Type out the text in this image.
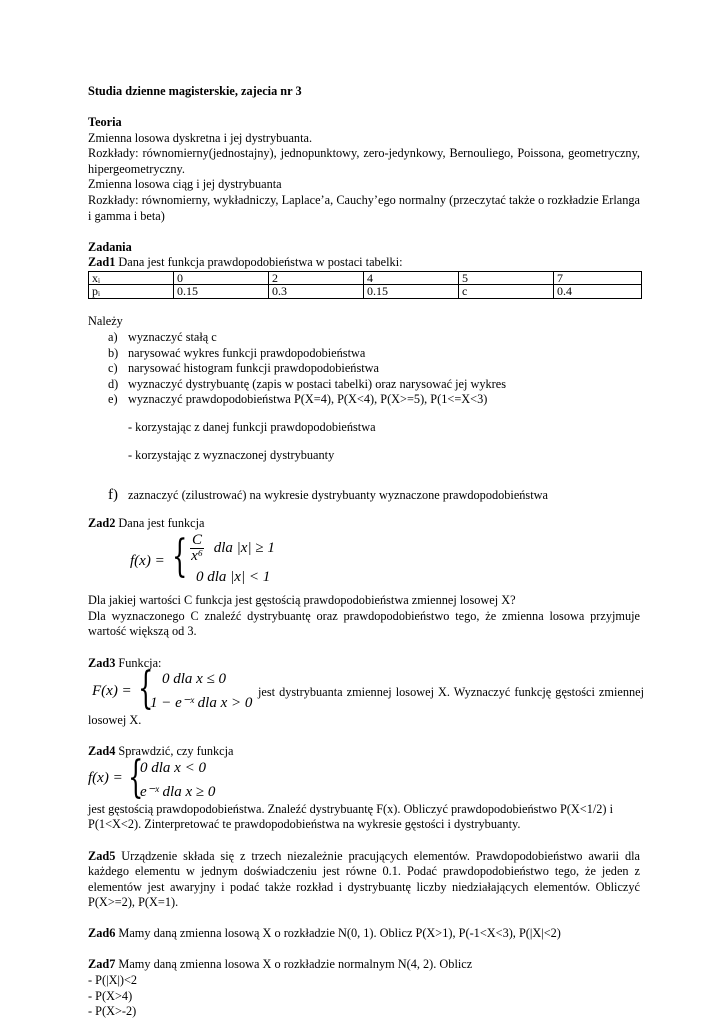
Studia dzienne magisterskie, zajecia nr 3

Teoria

Zmienna losowa dyskretna i jej dystrybuanta.

Rozkłady: równomierny(jednostajny), jednopunktowy, zero-jedynkowy, Bernouliego, Poissona, geometryczny,

hipergeometryczny.

Zmienna losowa ciąg i jej dystrybuanta

Rozkłady: równomierny, wykładniczy, Laplace’a, Cauchy’ego normalny (przeczytać także o rozkładzie Erlanga

i gamma i beta)

Zadania

Zad1 Dana jest funkcja prawdopodobieństwa w postaci tabelki:

xᵢ	0	2	4	5	7
pᵢ	0.15	0.3	0.15	c	0.4

Należy

a) wyznaczyć stałą c
b) narysować wykres funkcji prawdopodobieństwa
c) narysować histogram funkcji prawdopodobieństwa
d) wyznaczyć dystrybuantę (zapis w postaci tabelki) oraz narysować jej wykres
e) wyznaczyć prawdopodobieństwa P(X=4), P(X<4), P(X>=5), P(1<=X<3)

- korzystając z danej funkcji prawdopodobieństwa

- korzystając z wyznaczonej dystrybuanty

f) zaznaczyć (zilustrować) na wykresie dystrybuanty wyznaczone prawdopodobieństwa

Zad2 Dana jest funkcja

f(x) = { $\frac{C}{\text{x⁶}}$ dla |x| ≥ 1
0 dla |x| < 1

Dla jakiej wartości C funkcja jest gęstością prawdopodobieństwa zmiennej losowej X?

Dla wyznaczonego C znaleźć dystrybuantę oraz prawdopodobieństwo tego, że zmienna losowa przyjmuje

wartość większą od 3.

Zad3 Funkcja:

F(x) = { 0 dla x ≤ 0
1 − e⁻ˣ dla x > 0
jest dystrybuanta zmiennej losowej X. Wyznaczyć funkcję gęstości zmiennej

losowej X.

Zad4 Sprawdzić, czy funkcja

f(x) = {
0 dla x < 0
e⁻ˣ dla x ≥ 0

jest gęstością prawdopodobieństwa. Znaleźć dystrybuantę F(x). Obliczyć prawdopodobieństwo P(X<1/2) i

P(1<X<2). Zinterpretować te prawdopodobieństwa na wykresie gęstości i dystrybuanty.

Zad5 Urządzenie składa się z trzech niezależnie pracujących elementów. Prawdopodobieństwo awarii dla

każdego elementu w jednym doświadczeniu jest równe 0.1. Podać prawdopodobieństwo tego, że jeden z

elementów jest awaryjny i podać także rozkład i dystrybuantę liczby niedziałających elementów. Obliczyć

P(X>=2), P(X=1).

Zad6 Mamy daną zmienna losową X o rozkładzie N(0, 1). Oblicz P(X>1), P(-1<X<3), P(|X|<2)

Zad7 Mamy daną zmienna losowa X o rozkładzie normalnym N(4, 2). Oblicz

- P(|X|)<2

- P(X>4)

- P(X>-2)
